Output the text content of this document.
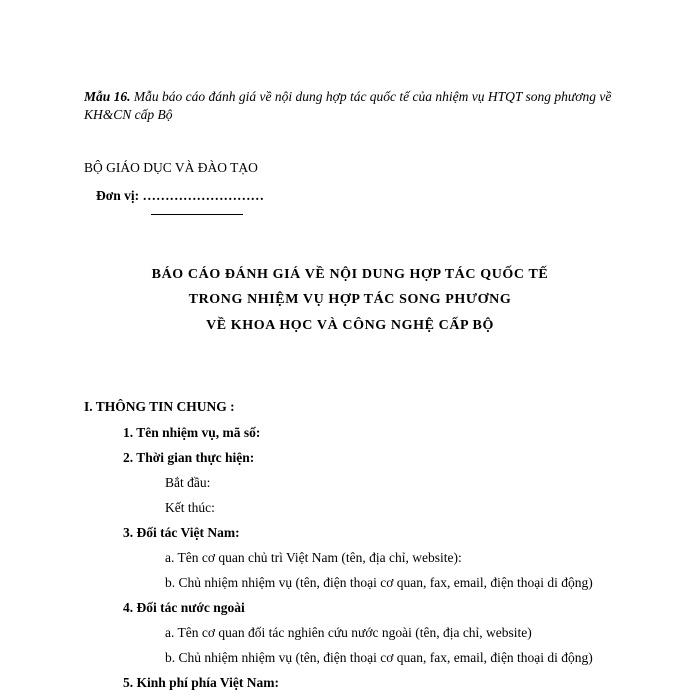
Mẫu 16. Mẫu báo cáo đánh giá về nội dung hợp tác quốc tế của nhiệm vụ HTQT song phương về KH&CN cấp Bộ
BỘ GIÁO DỤC VÀ ĐÀO TẠO
Đơn vị: ………………………
BÁO CÁO ĐÁNH GIÁ VỀ NỘI DUNG HỢP TÁC QUỐC TẾ
TRONG NHIỆM VỤ HỢP TÁC SONG PHƯƠNG
VỀ KHOA HỌC VÀ CÔNG NGHỆ CẤP BỘ
I. THÔNG TIN CHUNG :
1. Tên nhiệm vụ, mã số:
2. Thời gian thực hiện:
Bắt đầu:
Kết thúc:
3. Đối tác Việt Nam:
a. Tên cơ quan chủ trì Việt Nam (tên, địa chỉ, website):
b. Chủ nhiệm nhiệm vụ (tên, điện thoại cơ quan, fax, email, điện thoại di động)
4. Đối tác nước ngoài
a. Tên cơ quan đối tác nghiên cứu nước ngoài (tên, địa chỉ, website)
b. Chủ nhiệm nhiệm vụ (tên, điện thoại cơ quan, fax, email, điện thoại di động)
5. Kinh phí phía Việt Nam:
